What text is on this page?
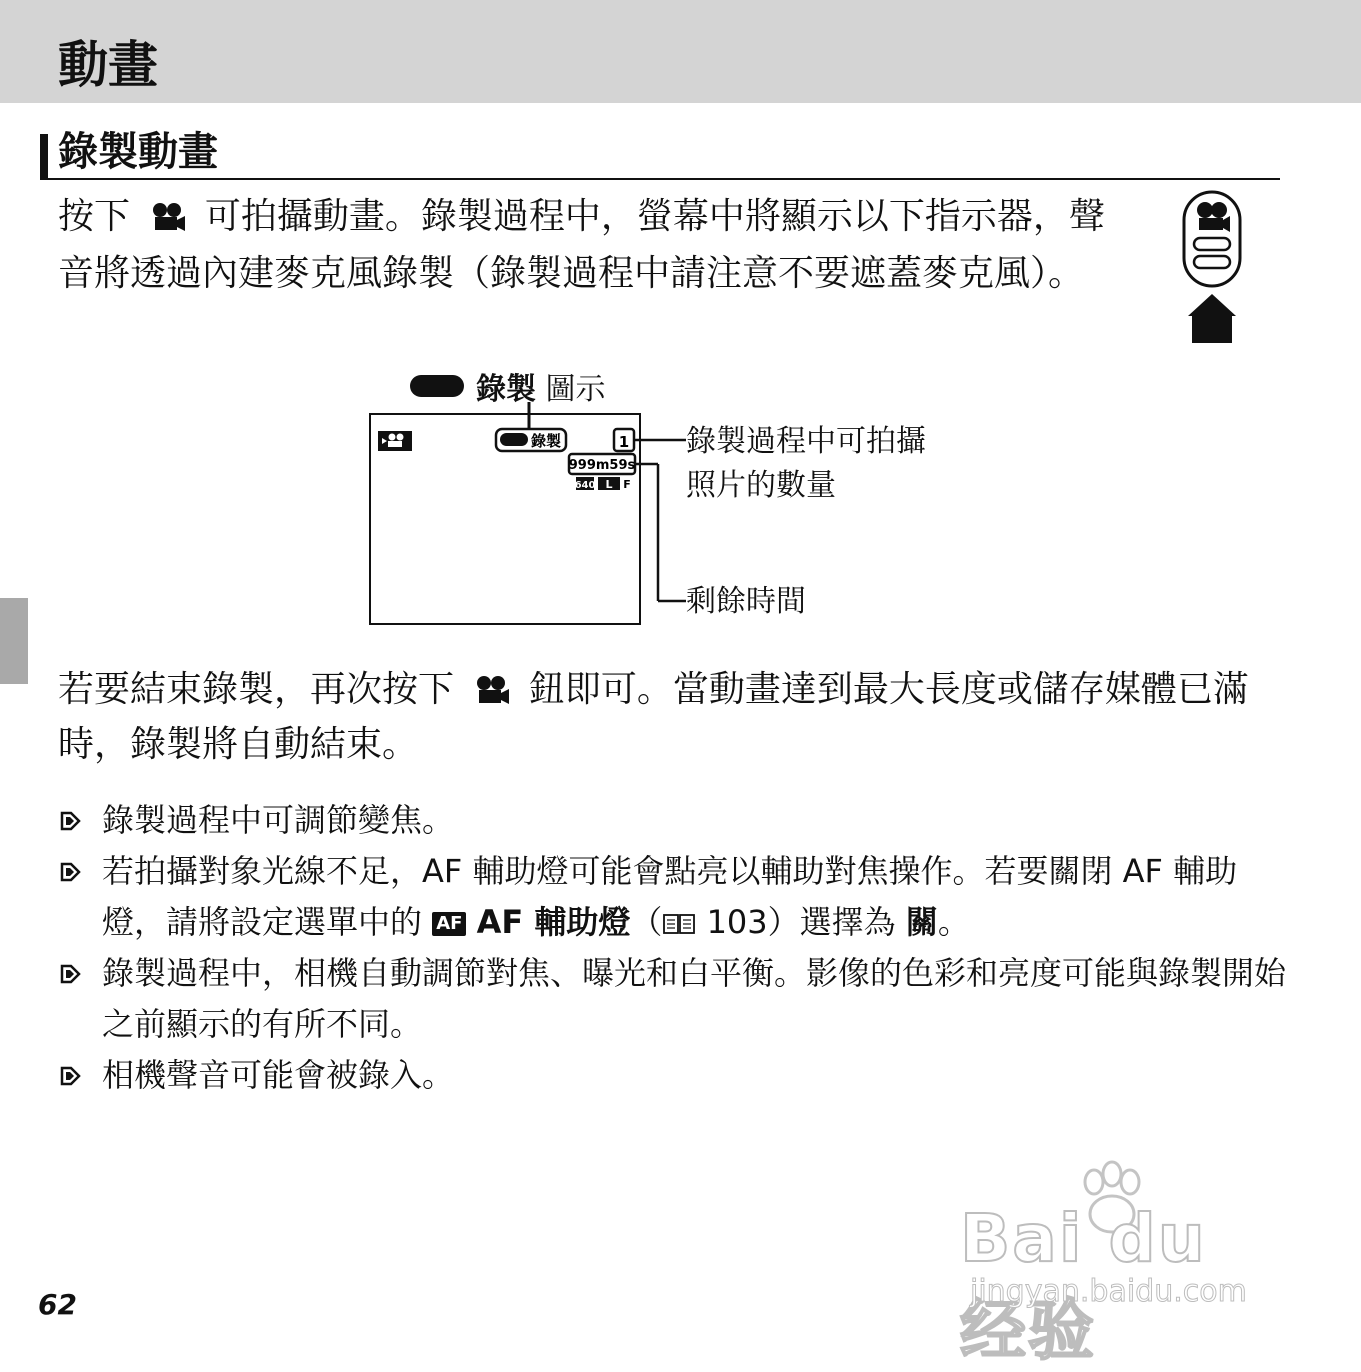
動畫
錄製動畫
按下 可拍攝動畫。錄製過程中，螢幕中將顯示以下指示器，聲音將透過內建麥克風錄製（錄製過程中請注意不要遮蓋麥克風）。
錄製	1
999m59s
640 L F
錄製 圖示
錄製過程中可拍攝
照片的數量
剩餘時間
若要結束錄製，再次按下 鈕即可。當動畫達到最大長度或儲存媒體已滿時，錄製將自動結束。
錄製過程中可調節變焦。
若拍攝對象光線不足，AF 輔助燈可能會點亮以輔助對焦操作。若要關閉 AF 輔助燈，請將設定選單中的 AF AF 輔助燈（ 103）選擇為 關。
錄製過程中，相機自動調節對焦、曝光和白平衡。影像的色彩和亮度可能與錄製開始之前顯示的有所不同。
相機聲音可能會被錄入。
Bai du 经验
jingyan.baidu.com
62
